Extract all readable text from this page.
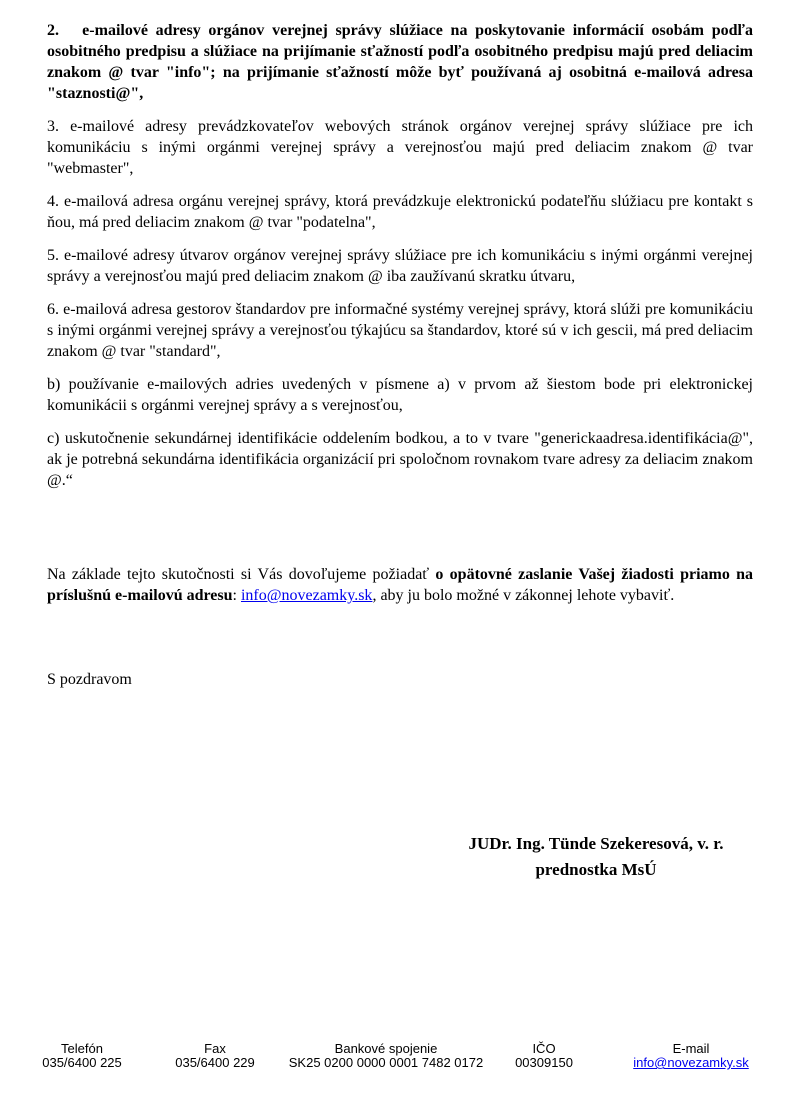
2.   e-mailové adresy orgánov verejnej správy slúžiace na poskytovanie informácií osobám podľa osobitného predpisu a slúžiace na prijímanie sťažností podľa osobitného predpisu majú pred deliacim znakom @ tvar "info"; na prijímanie sťažností môže byť používaná aj osobitná e-mailová adresa "staznosti@",

3. e-mailové adresy prevádzkovateľov webových stránok orgánov verejnej správy slúžiace pre ich komunikáciu s inými orgánmi verejnej správy a verejnosťou majú pred deliacim znakom @ tvar "webmaster",

4. e-mailová adresa orgánu verejnej správy, ktorá prevádzkuje elektronickú podateľňu slúžiacu pre kontakt s ňou, má pred deliacim znakom @ tvar "podatelna",

5. e-mailové adresy útvarov orgánov verejnej správy slúžiace pre ich komunikáciu s inými orgánmi verejnej správy a verejnosťou majú pred deliacim znakom @ iba zaužívanú skratku útvaru,

6. e-mailová adresa gestorov štandardov pre informačné systémy verejnej správy, ktorá slúži pre komunikáciu s inými orgánmi verejnej správy a verejnosťou týkajúcu sa štandardov, ktoré sú v ich gescii, má pred deliacim znakom @ tvar "standard",

b) používanie e-mailových adries uvedených v písmene a) v prvom až šiestom bode pri elektronickej komunikácii s orgánmi verejnej správy a s verejnosťou,

c) uskutočnenie sekundárnej identifikácie oddelením bodkou, a to v tvare "generickaadresa.identifikácia@", ak je potrebná sekundárna identifikácia organizácií pri spoločnom rovnakom tvare adresy za deliacim znakom @.“

Na základe tejto skutočnosti si Vás dovoľujeme požiadať o opätovné zaslanie Vašej žiadosti priamo na príslušnú e-mailovú adresu: info@novezamky.sk, aby ju bolo možné v zákonnej lehote vybaviť.

S pozdravom

JUDr. Ing. Tünde Szekeresová, v. r.
prednostka MsÚ
Telefón
035/6400 225
Fax
035/6400 229
Bankové spojenie
SK25 0200 0000 0001 7482 0172
IČO
00309150
E-mail
info@novezamky.sk
